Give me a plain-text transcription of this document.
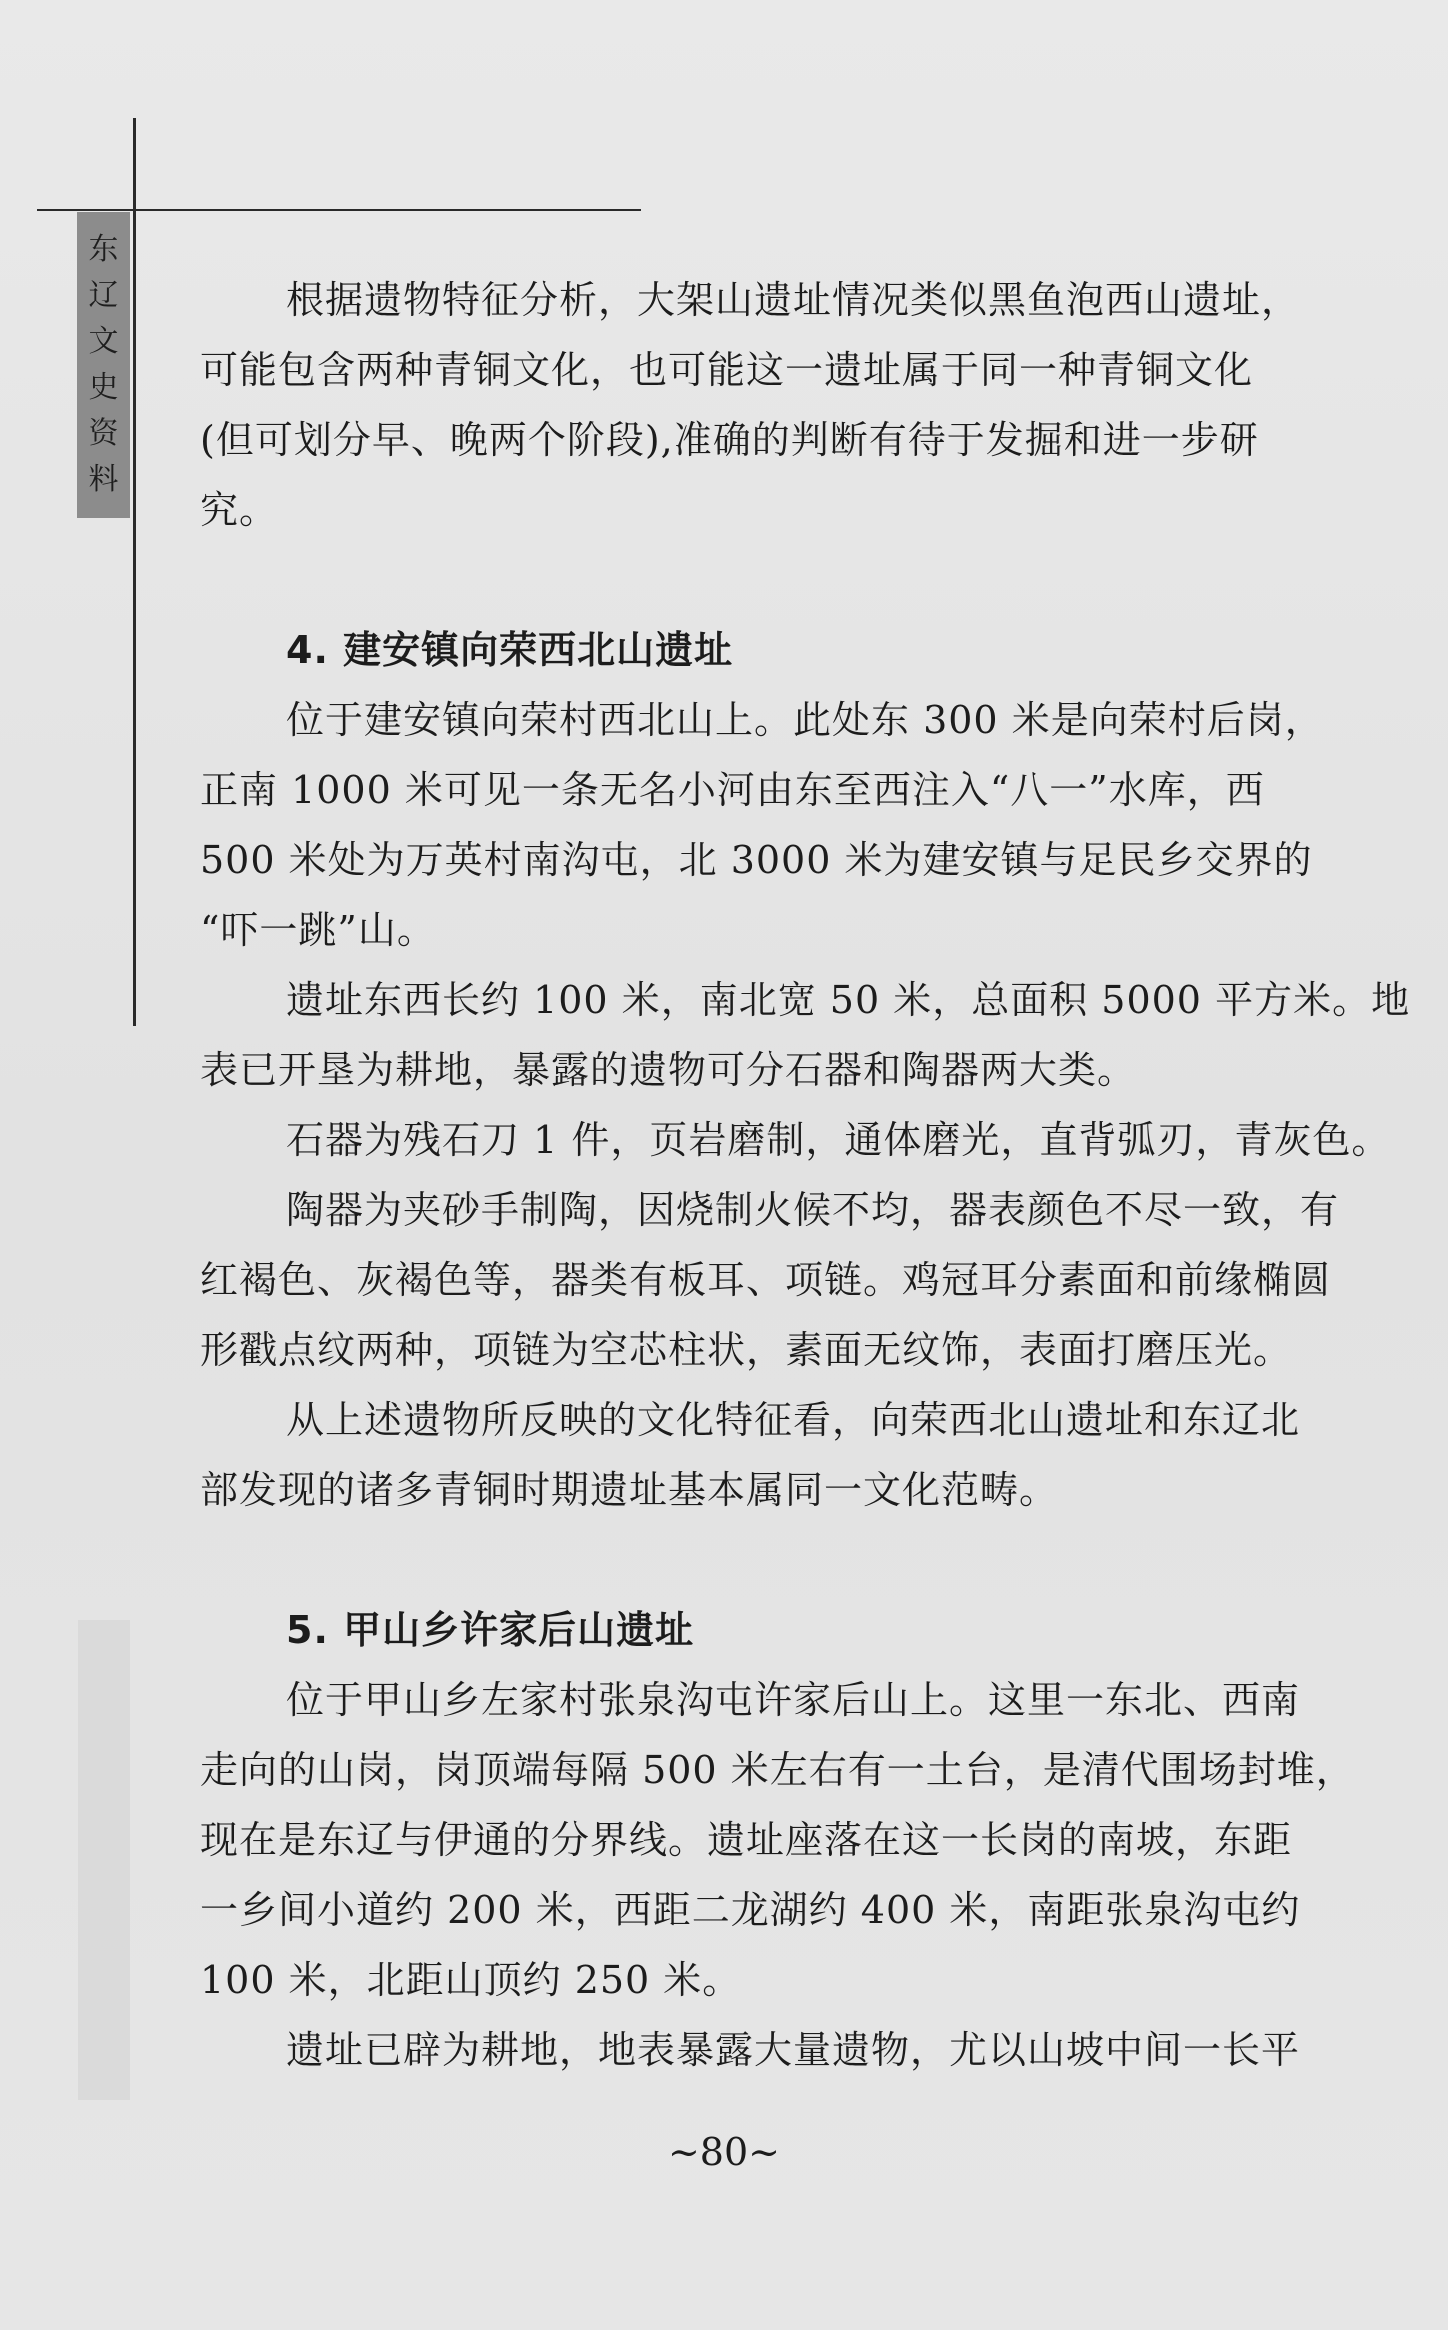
东
辽
文
史
资
料
根据遗物特征分析，大架山遗址情况类似黑鱼泡西山遗址，
可能包含两种青铜文化，也可能这一遗址属于同一种青铜文化
(但可划分早、晚两个阶段),准确的判断有待于发掘和进一步研
究。
4. 建安镇向荣西北山遗址
位于建安镇向荣村西北山上。此处东 300 米是向荣村后岗，
正南 1000 米可见一条无名小河由东至西注入“八一”水库，西
500 米处为万英村南沟屯，北 3000 米为建安镇与足民乡交界的
“吓一跳”山。
遗址东西长约 100 米，南北宽 50 米，总面积 5000 平方米。地
表已开垦为耕地，暴露的遗物可分石器和陶器两大类。
石器为残石刀 1 件，页岩磨制，通体磨光，直背弧刃，青灰色。
陶器为夹砂手制陶，因烧制火候不均，器表颜色不尽一致，有
红褐色、灰褐色等，器类有板耳、项链。鸡冠耳分素面和前缘椭圆
形戳点纹两种，项链为空芯柱状，素面无纹饰，表面打磨压光。
从上述遗物所反映的文化特征看，向荣西北山遗址和东辽北
部发现的诸多青铜时期遗址基本属同一文化范畴。
5. 甲山乡许家后山遗址
位于甲山乡左家村张泉沟屯许家后山上。这里一东北、西南
走向的山岗，岗顶端每隔 500 米左右有一土台，是清代围场封堆，
现在是东辽与伊通的分界线。遗址座落在这一长岗的南坡，东距
一乡间小道约 200 米，西距二龙湖约 400 米，南距张泉沟屯约
100 米，北距山顶约 250 米。
遗址已辟为耕地，地表暴露大量遗物，尤以山坡中间一长平
~80~
